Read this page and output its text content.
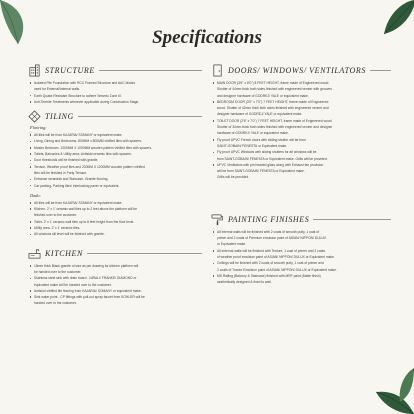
Specifications
STRUCTURE
Isolated Pile Foundation with RCC Framed Structure and AAC blocks
used for External/Internal walls.
Earth Quake Resistant Structure to adhere Seismic Zone III.
Anti-Termite Treatments wherever applicable during Construction Stage.
TILING
Flooring:
All tiles will be from KAJARIA/ SOMANY or equivalent make.
Living, Dining and Bedrooms- 800MM x 800MM vitrified tiles with spacers.
Master Bedroom- 1000MM X 1000MM wooden pattern vitrified tiles with spacers.
Toilets, Balconies & Utility area- Antiskid ceramic tiles with spacers.
Door thresholds will be finished with granite.
Terrace- Weather proof tiles and 200MM X 1200MM wooden pattern vitrified
tiles will be finished in Party Terrace.
Entrance verandah and Staircase- Granite flooring.
Car parking- Parking tiles/ interlocking paver or equivalent.
Dado:
All tiles will be from KAJARIA/ SOMANY or equivalent make.
Kitchen- 2' x 1' ceramic wall tiles up to 2 feet above the platform will be
finished over to the customer.
Toilet- 2' x 1' ceramic wall tiles up to 8 feet height from the floor level.
Utility area- 2' x 1' ceramic tiles.
All windows sill level will be finished with granite.
KITCHEN
18mm thick Black granite of size as per drawing for kitchen platform will
be handed over to the customer.
Stainless steel sink with drain board - NIRALI/ FRANKE/ DIAMOND or
equivalent make will be handed over to the customer.
Antiskid vitrified tile flooring from KAJARIA/ SOMANY or equivalent make.
Sink water point - CP fittings with pull-out spray faucet from KOHLER will be
handed over to the customer.
DOORS/ WINDOWS/ VENTILATORS
MAIN DOOR (3'6" x 8'0") 8 FEET HEIGHT, frame made of Engineered wood.
Shutter of 44mm thick both sides finished with engineered veneer with grooves
and designer hardware of GODREJ/ YALE or equivalent make.
BEDROOM DOOR (3'0" x 7'0") 7 FEET HEIGHT, frame made of Engineered
wood. Shutter of 42mm thick both sides finished with engineered veneer and
designer hardware of GODREJ/ YALE or equivalent make.
TOILET DOOR (2'6" x 7'0") 7 FEET HEIGHT, frame made of Engineered wood.
Shutter of 34mm thick both sides finished with engineered veneer and designer
hardware of GODREJ/ YALE or equivalent make.
Fly proof UPVC French doors with sliding shutter will be from
SAINT-GOBAIN/ FENESTA or Equivalent make.
Fly proof UPVC Windows with sliding shutters for all windows will be
from SAINT-GOBAIN/ FENESTA or Equivalent make. Grills will be provided.
UPVC Ventilators with pin headed glass along with Exhaust fan provision
will be from SAINT-GOBAIN/ FENESTA or Equivalent make.
Grills will be provided.
PAINTING FINISHES
All internal walls will be finished with 2 coats of smooth putty, 1 coat of
primer and 2 coats of Premium emulsion paint of ASIAN/ NIPPON/ DULUX
or Equivalent make.
All external walls will be finished with Texture, 1 coat of primer and 2 coats
of weather proof emulsion paint of ASIAN/ NIPPON/ DULUX or Equivalent make.
Ceilings will be finished with 2 coats of smooth putty, 1 coat of primer and
2 coats of Tractor Emulsion paint of ASIAN/ NIPPON/ DULUX or Equivalent make.
MS Railing (Balcony & Staircase) finished with MRF paint (Matte finish)
aesthetically designed & fixed to wall.
